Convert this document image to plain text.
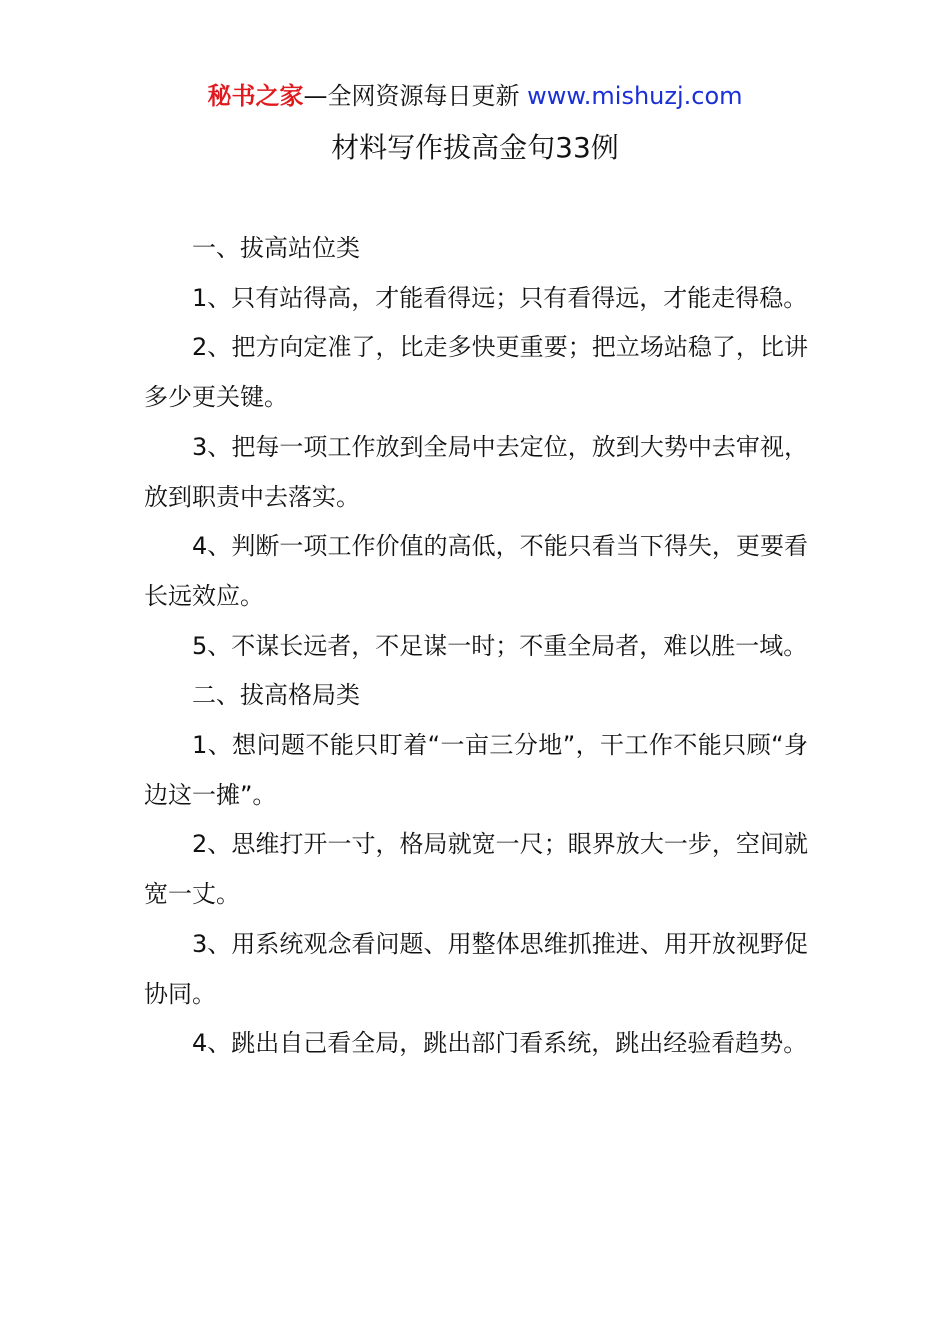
秘书之家—全网资源每日更新 www.mishuzj.com
材料写作拔高金句33例

一、拔高站位类

1、只有站得高，才能看得远；只有看得远，才能走得稳。

2、把方向定准了，比走多快更重要；把立场站稳了，比讲多少更关键。

3、把每一项工作放到全局中去定位，放到大势中去审视，放到职责中去落实。

4、判断一项工作价值的高低，不能只看当下得失，更要看长远效应。

5、不谋长远者，不足谋一时；不重全局者，难以胜一域。

二、拔高格局类

1、想问题不能只盯着“一亩三分地”，干工作不能只顾“身边这一摊”。

2、思维打开一寸，格局就宽一尺；眼界放大一步，空间就宽一丈。

3、用系统观念看问题、用整体思维抓推进、用开放视野促协同。

4、跳出自己看全局，跳出部门看系统，跳出经验看趋势。
